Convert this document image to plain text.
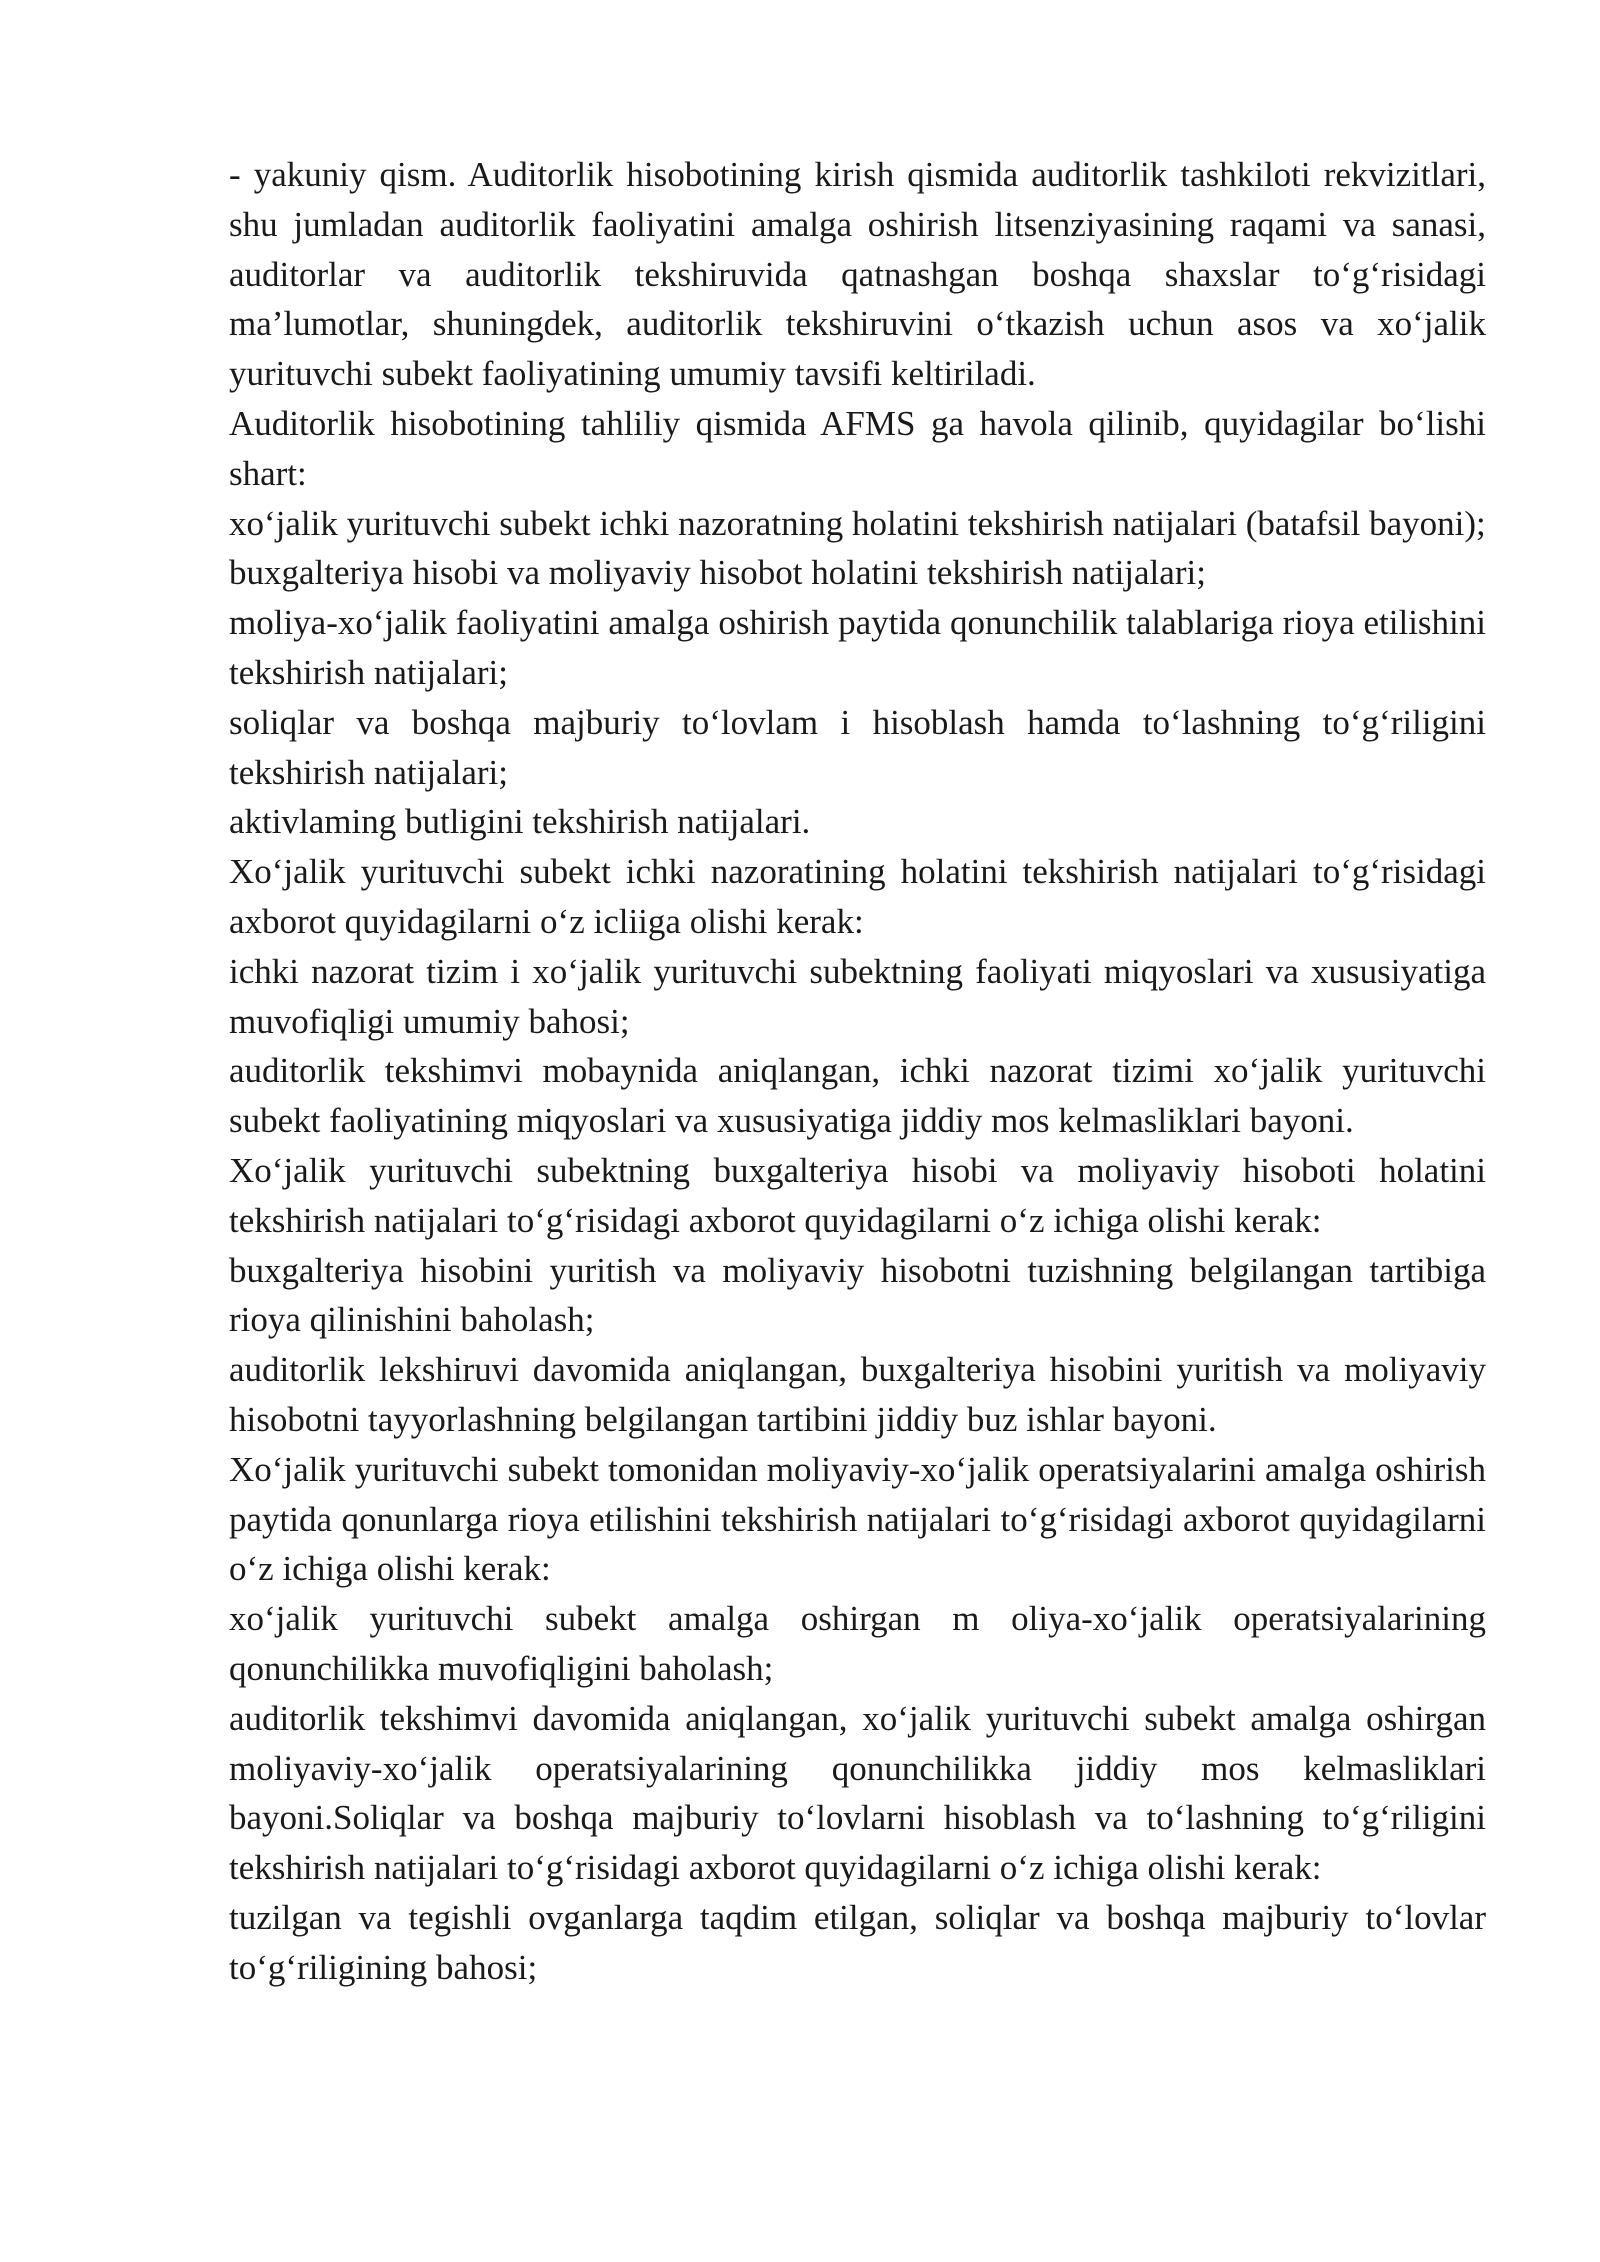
- yakuniy qism. Auditorlik hisobotining kirish qismida auditorlik tashkiloti rekvizitlari, shu jumladan auditorlik faoliyatini amalga oshirish litsenziyasining raqami va sanasi, auditorlar va auditorlik tekshiruvida qatnashgan boshqa shaxslar to‘g‘risidagi ma’lumotlar, shuningdek, auditorlik tekshiruvini o‘tkazish uchun asos va xo‘jalik yurituvchi subekt faoliyatining umumiy tavsifi keltiriladi.

Auditorlik hisobotining tahliliy qismida AFMS ga havola qilinib, quyidagilar bo‘lishi shart:

xo‘jalik yurituvchi subekt ichki nazoratning holatini tekshirish natijalari (batafsil bayoni);

buxgalteriya hisobi va moliyaviy hisobot holatini tekshirish natijalari;

moliya-xo‘jalik faoliyatini amalga oshirish paytida qonunchilik talablariga rioya etilishini tekshirish natijalari;

soliqlar va boshqa majburiy to‘lovlam i hisoblash hamda to‘lashning to‘g‘riligini tekshirish natijalari;

aktivlaming butligini tekshirish natijalari.

Xo‘jalik yurituvchi subekt ichki nazoratining holatini tekshirish natijalari to‘g‘risidagi axborot quyidagilarni o‘z icliiga olishi kerak:

ichki nazorat tizim i xo‘jalik yurituvchi subektning faoliyati miqyoslari va xususiyatiga muvofiqligi umumiy bahosi;

auditorlik tekshimvi mobaynida aniqlangan, ichki nazorat tizimi xo‘jalik yurituvchi subekt faoliyatining miqyoslari va xususiyatiga jiddiy mos kelmasliklari bayoni.

Xo‘jalik yurituvchi subektning buxgalteriya hisobi va moliyaviy hisoboti holatini tekshirish natijalari to‘g‘risidagi axborot quyidagilarni o‘z ichiga olishi kerak:

buxgalteriya hisobini yuritish va moliyaviy hisobotni tuzishning belgilangan tartibiga rioya qilinishini baholash;

auditorlik lekshiruvi davomida aniqlangan, buxgalteriya hisobini yuritish va moliyaviy hisobotni tayyorlashning belgilangan tartibini jiddiy buz ishlar bayoni.

Xo‘jalik yurituvchi subekt tomonidan moliyaviy-xo‘jalik operatsiyalarini amalga oshirish paytida qonunlarga rioya etilishini tekshirish natijalari to‘g‘risidagi axborot quyidagilarni o‘z ichiga olishi kerak:

xo‘jalik yurituvchi subekt amalga oshirgan m oliya-xo‘jalik operatsiyalarining qonunchilikka muvofiqligini baholash;

auditorlik tekshimvi davomida aniqlangan, xo‘jalik yurituvchi subekt amalga oshirgan moliyaviy-xo‘jalik operatsiyalarining qonunchilikka jiddiy mos kelmasliklari bayoni.Soliqlar va boshqa majburiy to‘lovlarni hisoblash va to‘lashning to‘g‘riligini tekshirish natijalari to‘g‘risidagi axborot quyidagilarni o‘z ichiga olishi kerak:

tuzilgan va tegishli ovganlarga taqdim etilgan, soliqlar va boshqa majburiy to‘lovlar to‘g‘riligining bahosi;
